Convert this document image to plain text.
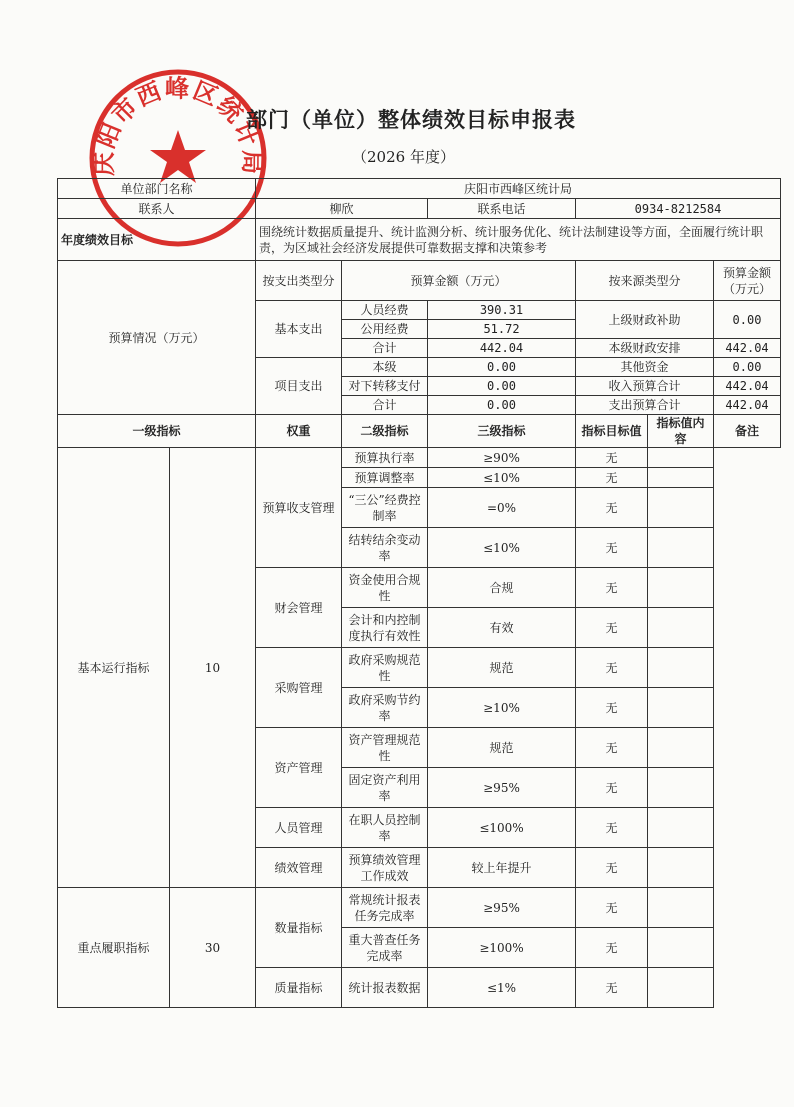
庆阳市西峰区统计局
部门（单位）整体绩效目标申报表
（2026 年度）
单位部门名称		庆阳市西峰区统计局					
联系人		柳欣		联系电话	0934-8212584		
年度绩效目标		围绕统计数据质量提升、统计监测分析、统计服务优化、统计法制建设等方面，全面履行统计职责，为区域社会经济发展提供可靠数据支撑和决策参考					
预算情况（万元）		按支出类型分	预算金额（万元）		按来源类型分		预算金额（万元）
		基本支出	人员经费	390.31	上级财政补助		0.00
			公用经费	51.72			
			合计	442.04	本级财政安排		442.04
		项目支出	本级	0.00	其他资金		0.00
			对下转移支付	0.00	收入预算合计		442.04
			合计	0.00	支出预算合计		442.04
一级指标		权重	二级指标	三级指标	指标目标值	指标值内容	备注
基本运行指标	10	预算收支管理	预算执行率	≥90%	无		
			预算调整率	≤10%	无		
			“三公”经费控制率	=0%	无		
			结转结余变动率	≤10%	无		
		财会管理	资金使用合规性	合规	无		
			会计和内控制度执行有效性	有效	无		
		采购管理	政府采购规范性	规范	无		
			政府采购节约率	≥10%	无		
		资产管理	资产管理规范性	规范	无		
			固定资产利用率	≥95%	无		
		人员管理	在职人员控制率	≤100%	无		
		绩效管理	预算绩效管理工作成效	较上年提升	无		
重点履职指标	30	数量指标	常规统计报表任务完成率	≥95%	无		
			重大普查任务完成率	≥100%	无		
		质量指标	统计报表数据	≤1%	无		
